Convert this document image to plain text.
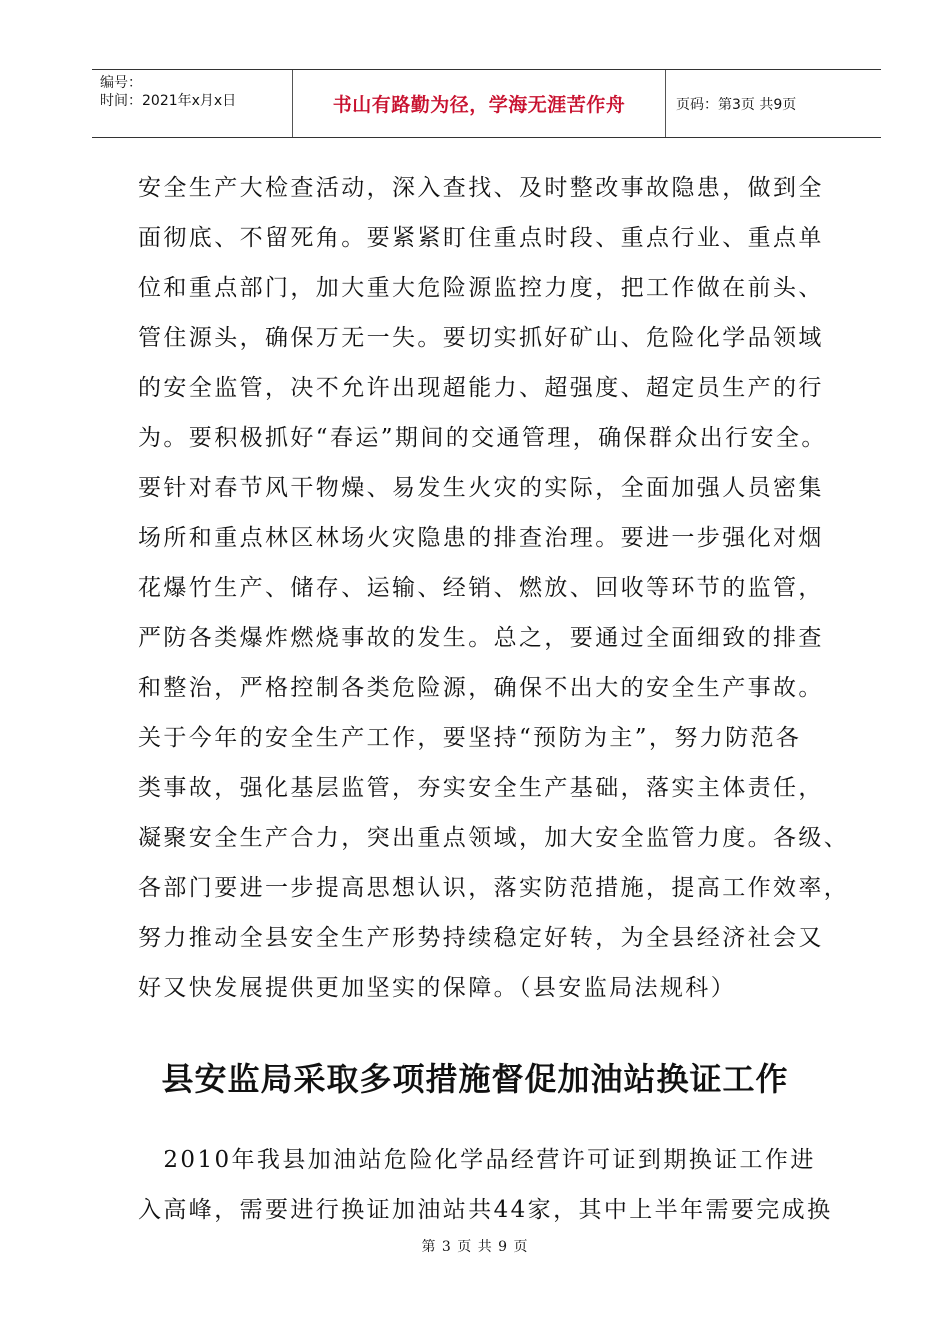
编号：
时间：2021年x月x日	书山有路勤为径，学海无涯苦作舟	页码：第3页 共9页
安全生产大检查活动，深入查找、及时整改事故隐患，做到全
面彻底、不留死角。要紧紧盯住重点时段、重点行业、重点单
位和重点部门，加大重大危险源监控力度，把工作做在前头、
管住源头，确保万无一失。要切实抓好矿山、危险化学品领域
的安全监管，决不允许出现超能力、超强度、超定员生产的行
为。要积极抓好“春运”期间的交通管理，确保群众出行安全。
要针对春节风干物燥、易发生火灾的实际，全面加强人员密集
场所和重点林区林场火灾隐患的排查治理。要进一步强化对烟
花爆竹生产、储存、运输、经销、燃放、回收等环节的监管，
严防各类爆炸燃烧事故的发生。总之，要通过全面细致的排查
和整治，严格控制各类危险源，确保不出大的安全生产事故。
关于今年的安全生产工作，要坚持“预防为主”，努力防范各
类事故，强化基层监管，夯实安全生产基础，落实主体责任，
凝聚安全生产合力，突出重点领域，加大安全监管力度。各级、
各部门要进一步提高思想认识，落实防范措施，提高工作效率，
努力推动全县安全生产形势持续稳定好转，为全县经济社会又
好又快发展提供更加坚实的保障。（县安监局法规科）
县安监局采取多项措施督促加油站换证工作
　2010年我县加油站危险化学品经营许可证到期换证工作进
入高峰，需要进行换证加油站共44家，其中上半年需要完成换
第 3 页 共 9 页
